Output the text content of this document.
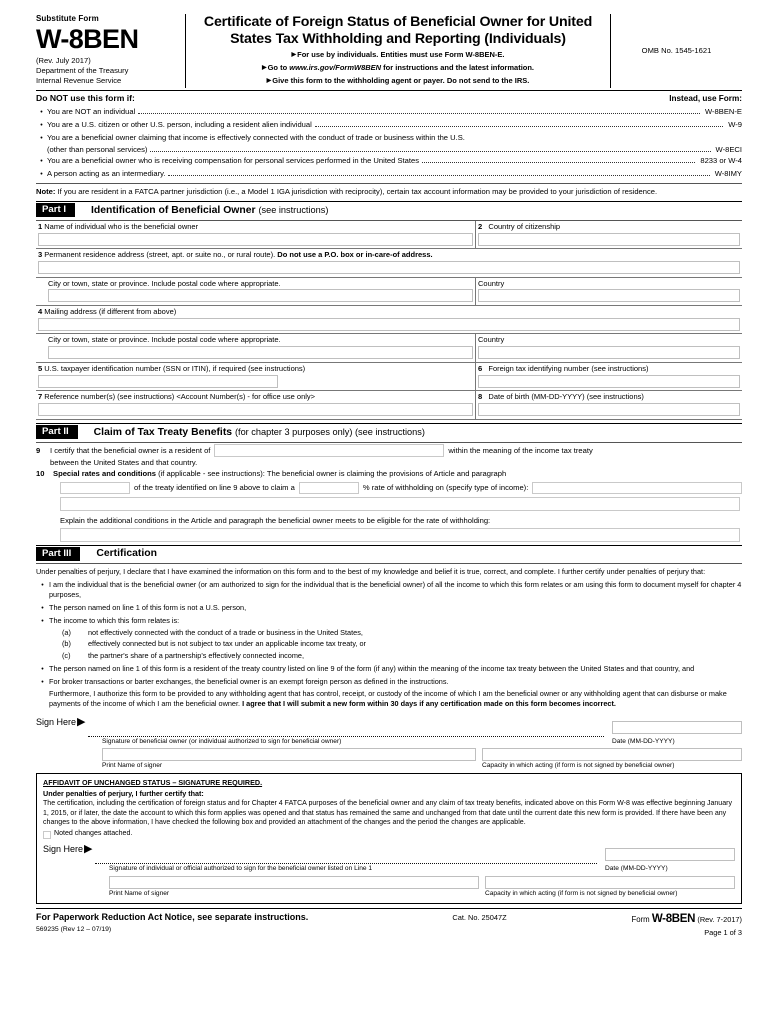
Substitute Form
W-8BEN
(Rev. July 2017)
Department of the Treasury
Internal Revenue Service
Certificate of Foreign Status of Beneficial Owner for United
States Tax Withholding and Reporting (Individuals)
▶For use by individuals. Entities must use Form W-8BEN-E.
▶Go to www.irs.gov/FormW8BEN for instructions and the latest information.
▶Give this form to the withholding agent or payer. Do not send to the IRS.
OMB No. 1545-1621
Do NOT use this form if:	Instead, use Form:
• You are NOT an individual	W-8BEN-E
• You are a U.S. citizen or other U.S. person, including a resident alien individual	W-9
• You are a beneficial owner claiming that income is effectively connected with the conduct of trade or business within the U.S.
(other than personal services)	W-8ECI
• You are a beneficial owner who is receiving compensation for personal services performed in the United States	8233 or W-4
• A person acting as an intermediary.	W-8IMY
Note: If you are resident in a FATCA partner jurisdiction (i.e., a Model 1 IGA jurisdiction with reciprocity), certain tax account information may be provided to your jurisdiction of residence.
Part I	Identification of Beneficial Owner (see instructions)
1 Name of individual who is the beneficial owner	2 Country of citizenship
3 Permanent residence address (street, apt. or suite no., or rural route). Do not use a P.O. box or in-care-of address.
City or town, state or province. Include postal code where appropriate.	Country
4 Mailing address (if different from above)
City or town, state or province. Include postal code where appropriate.	Country
5 U.S. taxpayer identification number (SSN or ITIN), if required (see instructions)	6 Foreign tax identifying number (see instructions)
7 Reference number(s) (see instructions) <Account Number(s) - for office use only>	8 Date of birth (MM-DD-YYYY) (see instructions)
Part II	Claim of Tax Treaty Benefits (for chapter 3 purposes only) (see instructions)
9	I certify that the beneficial owner is a resident of	within the meaning of the income tax treaty
between the United States and that country.
10	Special rates and conditions (if applicable - see instructions): The beneficial owner is claiming the provisions of Article and paragraph
of the treaty identified on line 9 above to claim a	% rate of withholding on (specify type of income):
Explain the additional conditions in the Article and paragraph the beneficial owner meets to be eligible for the rate of withholding:
Part III	Certification
Under penalties of perjury, I declare that I have examined the information on this form and to the best of my knowledge and belief it is true, correct, and complete. I further certify under penalties of perjury that:
• I am the individual that is the beneficial owner (or am authorized to sign for the individual that is the beneficial owner) of all the income to which this form relates or am using this form to document myself for chapter 4 purposes,
• The person named on line 1 of this form is not a U.S. person,
• The income to which this form relates is:
(a)	not effectively connected with the conduct of a trade or business in the United States,
(b)	effectively connected but is not subject to tax under an applicable income tax treaty, or
(c)	the partner's share of a partnership's effectively connected income,
• The person named on line 1 of this form is a resident of the treaty country listed on line 9 of the form (if any) within the meaning of the income tax treaty between the United States and that country, and
• For broker transactions or barter exchanges, the beneficial owner is an exempt foreign person as defined in the instructions.
Furthermore, I authorize this form to be provided to any withholding agent that has control, receipt, or custody of the income of which I am the beneficial owner or any withholding agent that can disburse or make payments of the income of which I am the beneficial owner. I agree that I will submit a new form within 30 days if any certification made on this form becomes incorrect.
Sign Here▶
Signature of beneficial owner (or individual authorized to sign for beneficial owner)	Date (MM-DD-YYYY)
Print Name of signer	Capacity in which acting (if form is not signed by beneficial owner)
AFFIDAVIT OF UNCHANGED STATUS – SIGNATURE REQUIRED.
Under penalties of perjury, I further certify that:
The certification, including the certification of foreign status and for Chapter 4 FATCA purposes of the beneficial owner and any claim of tax treaty benefits, indicated above on this Form W-8 was effective beginning January 1, 2015, or if later, the date the account to which this form applies was opened and that status has remained the same and unchanged from that date until the current date this new form is provided. If there have been any changes to the above information, I have checked the following box and provided an attachment of the changes and the period the changes are applicable.
Noted changes attached.
Sign Here▶
Signature of individual or official authorized to sign for the beneficial owner listed on Line 1	Date (MM-DD-YYYY)
Print Name of signer	Capacity in which acting (if form is not signed by beneficial owner)
For Paperwork Reduction Act Notice, see separate instructions.
569235 (Rev 12 – 07/19)
Cat. No. 25047Z	Form W-8BEN (Rev. 7-2017)
Page 1 of 3
